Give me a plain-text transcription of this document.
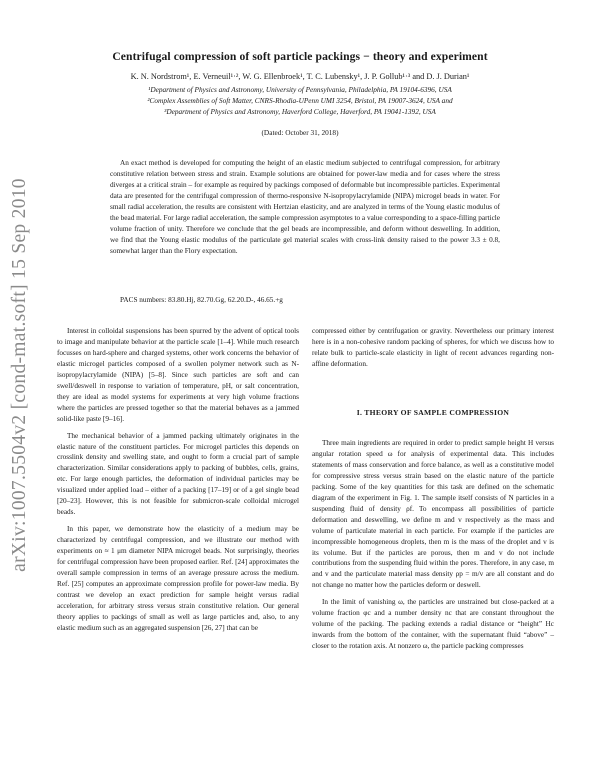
arXiv:1007.5504v2 [cond-mat.soft] 15 Sep 2010
Centrifugal compression of soft particle packings − theory and experiment
K. N. Nordstrom¹, E. Verneuil¹·², W. G. Ellenbroek¹, T. C. Lubensky¹, J. P. Gollub¹·³ and D. J. Durian¹
¹Department of Physics and Astronomy, University of Pennsylvania, Philadelphia, PA 19104-6396, USA
²Complex Assemblies of Soft Matter, CNRS-Rhodia-UPenn UMI 3254, Bristol, PA 19007-3624, USA and
³Department of Physics and Astronomy, Haverford College, Haverford, PA 19041-1392, USA
(Dated: October 31, 2018)
An exact method is developed for computing the height of an elastic medium subjected to centrifugal compression, for arbitrary constitutive relation between stress and strain. Example solutions are obtained for power-law media and for cases where the stress diverges at a critical strain – for example as required by packings composed of deformable but incompressible particles. Experimental data are presented for the centrifugal compression of thermo-responsive N-isopropylacrylamide (NIPA) microgel beads in water. For small radial acceleration, the results are consistent with Hertzian elasticity, and are analyzed in terms of the Young elastic modulus of the bead material. For large radial acceleration, the sample compression asymptotes to a value corresponding to a space-filling particle volume fraction of unity. Therefore we conclude that the gel beads are incompressible, and deform without deswelling. In addition, we find that the Young elastic modulus of the particulate gel material scales with cross-link density raised to the power 3.3 ± 0.8, somewhat larger than the Flory expectation.
PACS numbers: 83.80.Hj, 82.70.Gg, 62.20.D-, 46.65.+g

Interest in colloidal suspensions has been spurred by the advent of optical tools to image and manipulate behavior at the particle scale [1–4]. While much research focusses on hard-sphere and charged systems, other work concerns the behavior of elastic microgel particles composed of a swollen polymer network such as N-isopropylacrylamide (NIPA) [5–8]. Since such particles are soft and can swell/deswell in response to variation of temperature, pH, or salt concentration, they are ideal as model systems for experiments at very high volume fractions where the particles are pressed together so that the material behaves as a jammed solid-like paste [9–16].

The mechanical behavior of a jammed packing ultimately originates in the elastic nature of the constituent particles. For microgel particles this depends on crosslink density and swelling state, and ought to form a crucial part of sample characterization. Similar considerations apply to packing of bubbles, cells, grains, etc. For large enough particles, the deformation of individual particles may be visualized under applied load – either of a packing [17–19] or of a gel single bead [20–23]. However, this is not feasible for submicron-scale colloidal microgel beads.

In this paper, we demonstrate how the elasticity of a medium may be characterized by centrifugal compression, and we illustrate our method with experiments on ≈ 1 μm diameter NIPA microgel beads. Not surprisingly, theories for centrifugal compression have been proposed earlier. Ref. [24] approximates the overall sample compression in terms of an average pressure across the medium. Ref. [25] computes an approximate compression profile for power-law media. By contrast we develop an exact prediction for sample height versus radial acceleration, for arbitrary stress versus strain constitutive relation. Our general theory applies to packings of small as well as large particles and, also, to any elastic medium such as an aggregated suspension [26, 27] that can be

compressed either by centrifugation or gravity. Nevertheless our primary interest here is in a non-cohesive random packing of spheres, for which we discuss how to relate bulk to particle-scale elasticity in light of recent advances regarding non-affine deformation.

I. THEORY OF SAMPLE COMPRESSION

Three main ingredients are required in order to predict sample height H versus angular rotation speed ω for analysis of experimental data. This includes statements of mass conservation and force balance, as well as a constitutive model for compressive stress versus strain based on the elastic nature of the particle packing. Some of the key quantities for this task are defined on the schematic diagram of the experiment in Fig. 1. The sample itself consists of N particles in a suspending fluid of density ρf. To encompass all possibilities of particle deformation and deswelling, we define m and v respectively as the mass and volume of particulate material in each particle. For example if the particles are incompressible homogeneous droplets, then m is the mass of the droplet and v is its volume. But if the particles are porous, then m and v do not include contributions from the suspending fluid within the pores. Therefore, in any case, m and v and the particulate material mass density ρp = m/v are all constant and do not change no matter how the particles deform or deswell.

In the limit of vanishing ω, the particles are unstrained but close-packed at a volume fraction φc and a number density nc that are constant throughout the volume of the packing. The packing extends a radial distance or “height” Hc inwards from the bottom of the container, with the supernatant fluid “above” – closer to the rotation axis. At nonzero ω, the particle packing compresses
